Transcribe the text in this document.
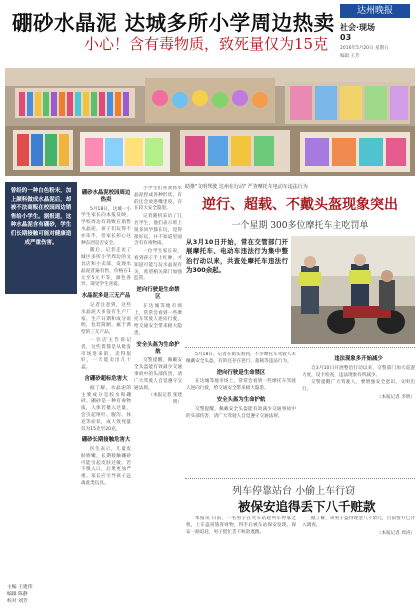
硼砂水晶泥 达城多所小学周边热卖
小心！含有毒物质，致死量仅为15克
达州晚报
社会·现场
03
2016年5月20日 星期五
编辑 王芳
曾经的一种白色粉末，加上颜料做成水晶泥后，却被不法商贩在校园周边销售给小学生。据报道，这种水晶泥含有硼砂，学生们长期接触可能对健康造成严重伤害。
主编 王建伟
编辑 陈静
校对 刘芳
硼砂水晶泥校园周边热卖

5月18日，达城一小学生家长向本报反映，学校周边有商贩在销售水晶泥，孩子们玩得不亦乐乎，但家长担心这种东西是否安全。

随后，记者走访了城区多所小学周边的文具店和小卖部，发现水晶泥普遍有售，价格在1元至5元不等，颜色各异，深受学生喜爱。

水晶泥多是三无产品

记者注意到，这些水晶泥大多没有生产厂家、生产日期和成分说明，包装简陋，属于典型的三无产品。

一位店主告诉记者，这些货都是从批发市场进来的，卖得很好，一天能卖出几十盒。

含硼砂超标危害大

据了解，水晶泥的主要成分是胶水和硼砂。硼砂是一种有毒物质，人体若摄入过量，会引起呕吐、腹泻、休克等症状，成人致死量仅为15克至20克。

硼砂长期接触危害大

医生表示，儿童皮肤娇嫩，长期接触硼砂可能引起皮肤过敏，若不慎入口，后果更加严重。家长应引导孩子远离此类玩具。

小学生们喜欢将水晶泥捏成各种形状，有的还会放进嘴里咬，存在较大安全隐患。

记者随机采访了几名学生，他们表示班上很多同学都在玩，觉得很好玩，并不知道里面含有有毒物质。

一位学生家长说，看到孩子手上红肿，才知道可能与玩水晶泥有关，希望相关部门加强监管。

逆向行驶是生命禁区

在达城等地市场上，常常会看到一些摩托车驾驶人逆向行驶，给交通安全带来极大隐患。

安全头盔为生命护航

交警提醒，佩戴安全头盔能有效减少交通事故中的头部伤害，请广大驾驶人自觉遵守交通法规。

（本报记者 张建明）

助推"文明驾驶 达州在行动" 严查摩托车电动车违法行为
逆行、超载、不戴头盔现象突出
一个星期 300多位摩托车主吃罚单

从3月10日开始，常在交管部门开展摩托车、电动车违法行为集中整治行动以来，共查处摩托车违法行为300余起。

5月18日，记者在街头看到，不少摩托车驾驶人未佩戴安全头盔，有的还存在逆行、超载等违法行为。

逆向行驶是生命禁区

在达城等地市场上，常常会看到一些摩托车驾驶人逆向行驶，给交通安全带来极大隐患。

安全头盔为生命护航

交警提醒，佩戴安全头盔能有效减少交通事故中的头部伤害，请广大驾驶人自觉遵守交通法规。

违法现象多开始减少

自3月10日开展整治行动以来，交警部门加大巡逻力度，设卡检查，违法现象有所减少。

交警提醒广大驾驶人，要增强安全意识，文明出行。

（本报记者 李明）

列车停靠站台 小偷上车行窃
被保安追得丢下八千赃款

本报讯 日前，一名男子在火车站趁列车停靠之机，上车盗窃旅客财物，得手后被车站保安发现，保安一路追赶，男子慌忙丢下赃款逃跑。

据了解，该男子盗得现金八千余元，目前警方已介入调查。

（本报记者 周涛）
